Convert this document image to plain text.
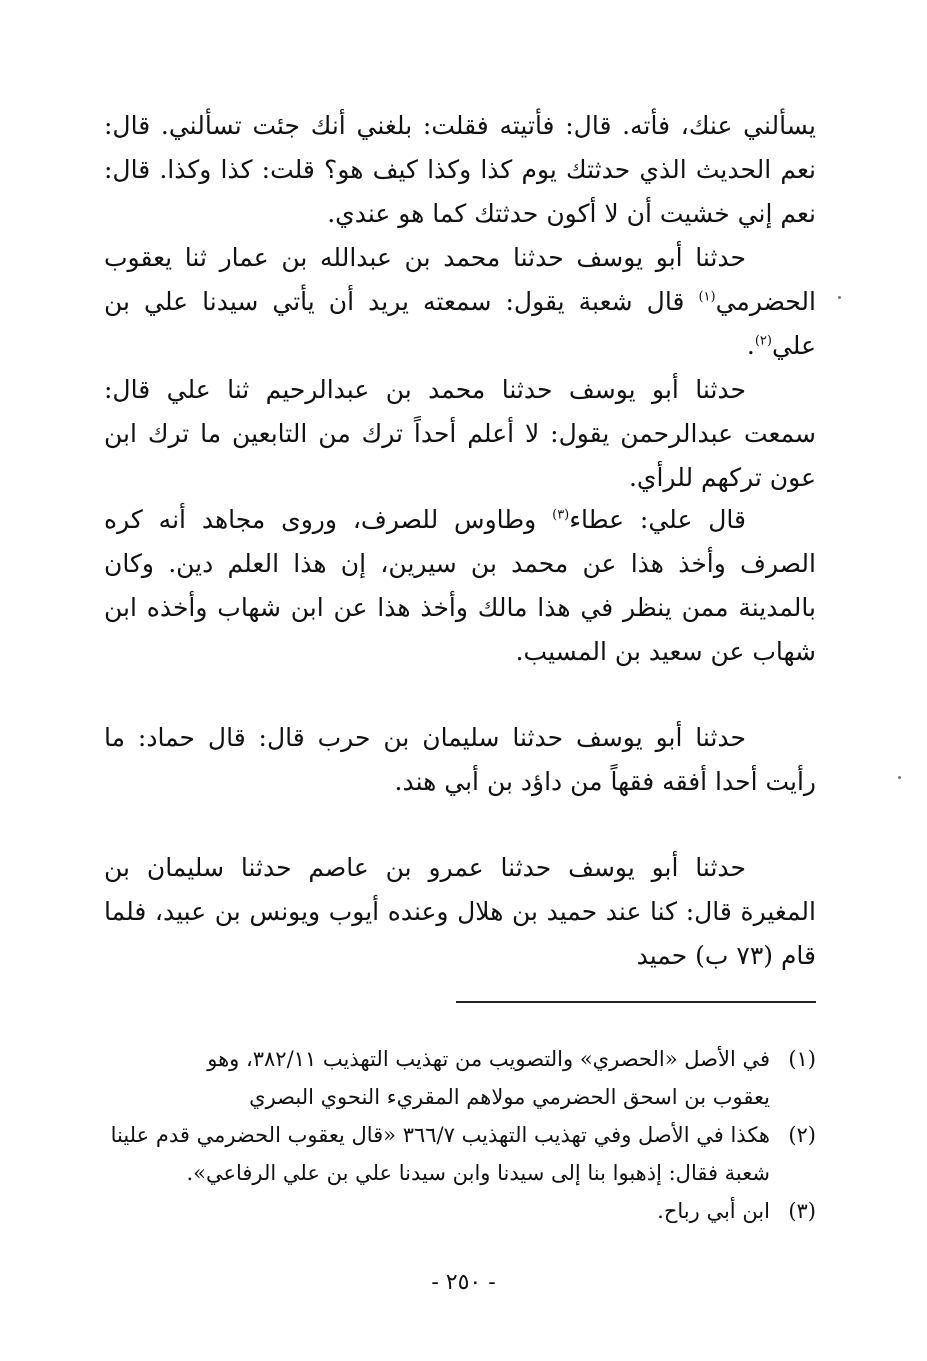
يسألني عنك، فأته. قال: فأتيته فقلت: بلغني أنك جئت تسألني. قال: نعم الحديث الذي حدثتك يوم كذا وكذا كيف هو؟ قلت: كذا وكذا. قال: نعم إني خشيت أن لا أكون حدثتك كما هو عندي.

حدثنا أبو يوسف حدثنا محمد بن عبدالله بن عمار ثنا يعقوب الحضرمي$^{(١)}$ قال شعبة يقول: سمعته يريد أن يأتي سيدنا علي بن علي$^{(٢)}$.

حدثنا أبو يوسف حدثنا محمد بن عبدالرحيم ثنا علي قال: سمعت عبدالرحمن يقول: لا أعلم أحداً ترك من التابعين ما ترك ابن عون تركهم للرأي.

قال علي: عطاء$^{(٣)}$ وطاوس للصرف، وروى مجاهد أنه كره الصرف وأخذ هذا عن محمد بن سيرين، إن هذا العلم دين. وكان بالمدينة ممن ينظر في هذا مالك وأخذ هذا عن ابن شهاب وأخذه ابن شهاب عن سعيد بن المسيب.

حدثنا أبو يوسف حدثنا سليمان بن حرب قال: قال حماد: ما رأيت أحدا أفقه فقهاً من داؤد بن أبي هند.

حدثنا أبو يوسف حدثنا عمرو بن عاصم حدثنا سليمان بن المغيرة قال: كنا عند حميد بن هلال وعنده أيوب ويونس بن عبيد، فلما قام (٧٣ ب) حميد

(١)في الأصل «الحصري» والتصويب من تهذيب التهذيب ٣٨٢/١١، وهو
يعقوب بن اسحق الحضرمي مولاهم المقريء النحوي البصري
(٢)هكذا في الأصل وفي تهذيب التهذيب ٣٦٦/٧ «قال يعقوب الحضرمي قدم علينا
شعبة فقال: إذهبوا بنا إلى سيدنا وابن سيدنا علي بن علي الرفاعي».
(٣)ابن أبي رباح.
- ٢٥٠ -
